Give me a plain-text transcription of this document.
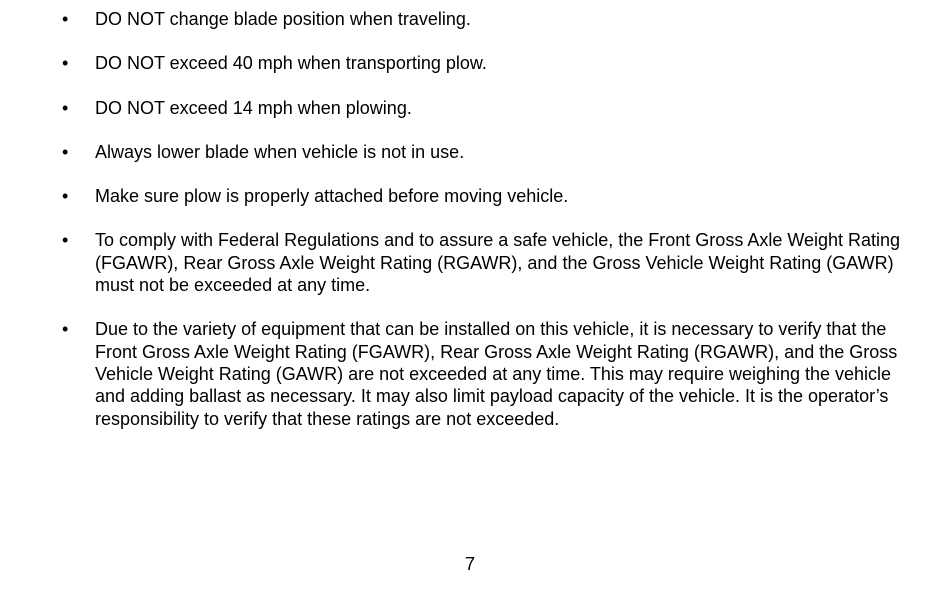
• DO NOT change blade position when traveling.
• DO NOT exceed 40 mph when transporting plow.
• DO NOT exceed 14 mph when plowing.
• Always lower blade when vehicle is not in use.
• Make sure plow is properly attached before moving vehicle.
• To comply with Federal Regulations and to assure a safe vehicle, the Front Gross Axle Weight Rating (FGAWR), Rear Gross Axle Weight Rating (RGAWR), and the Gross Vehicle Weight Rating (GAWR) must not be exceeded at any time.
• Due to the variety of equipment that can be installed on this vehicle, it is necessary to verify that the Front Gross Axle Weight Rating (FGAWR), Rear Gross Axle Weight Rating (RGAWR), and the Gross Vehicle Weight Rating (GAWR) are not exceeded at any time. This may require weighing the vehicle and adding ballast as necessary. It may also limit payload capacity of the vehicle. It is the operator’s responsibility to verify that these ratings are not exceeded.
7
